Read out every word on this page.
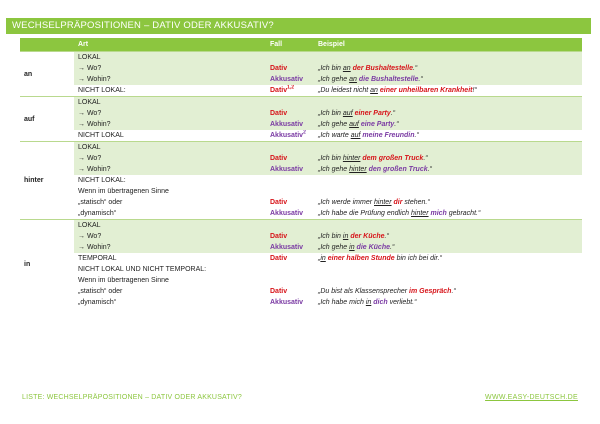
WECHSELPRÄPOSITIONEN – DATIV ODER AKKUSATIV?
	Art	Fall	Beispiel
an	LOKAL		
	→ Wo?	Dativ	„Ich bin an der Bushaltestelle.“
	→ Wohin?	Akkusativ	„Ich gehe an die Bushaltestelle.“
	NICHT LOKAL:	Dativ$^{1,2}$	„Du leidest nicht an einer unheilbaren Krankheit!“
auf	LOKAL		
	→ Wo?	Dativ	„Ich bin auf einer Party.“
	→ Wohin?	Akkusativ	„Ich gehe auf eine Party.“
	NICHT LOKAL	Akkusativ$^2$	„Ich warte auf meine Freundin.“
hinter	LOKAL		
	→ Wo?	Dativ	„Ich bin hinter dem großen Truck.“
	→ Wohin?	Akkusativ	„Ich gehe hinter den großen Truck.“
	NICHT LOKAL:		
	Wenn im übertragenen Sinne		
	„statisch“ oder	Dativ	„Ich werde immer hinter dir stehen.“
	„dynamisch“	Akkusativ	„Ich habe die Prüfung endlich hinter mich gebracht.“
in	LOKAL		
	→ Wo?	Dativ	„Ich bin in der Küche.“
	→ Wohin?	Akkusativ	„Ich gehe in die Küche.“
	TEMPORAL	Dativ	„in einer halben Stunde bin ich bei dir.“
	NICHT LOKAL UND NICHT TEMPORAL:		
	Wenn im übertragenen Sinne		
	„statisch“ oder	Dativ	„Du bist als Klassensprecher im Gespräch.“
	„dynamisch“	Akkusativ	„Ich habe mich in dich verliebt.“
LISTE: WECHSELPRÄPOSITIONEN – DATIV ODER AKKUSATIV?	WWW.EASY-DEUTSCH.DE
